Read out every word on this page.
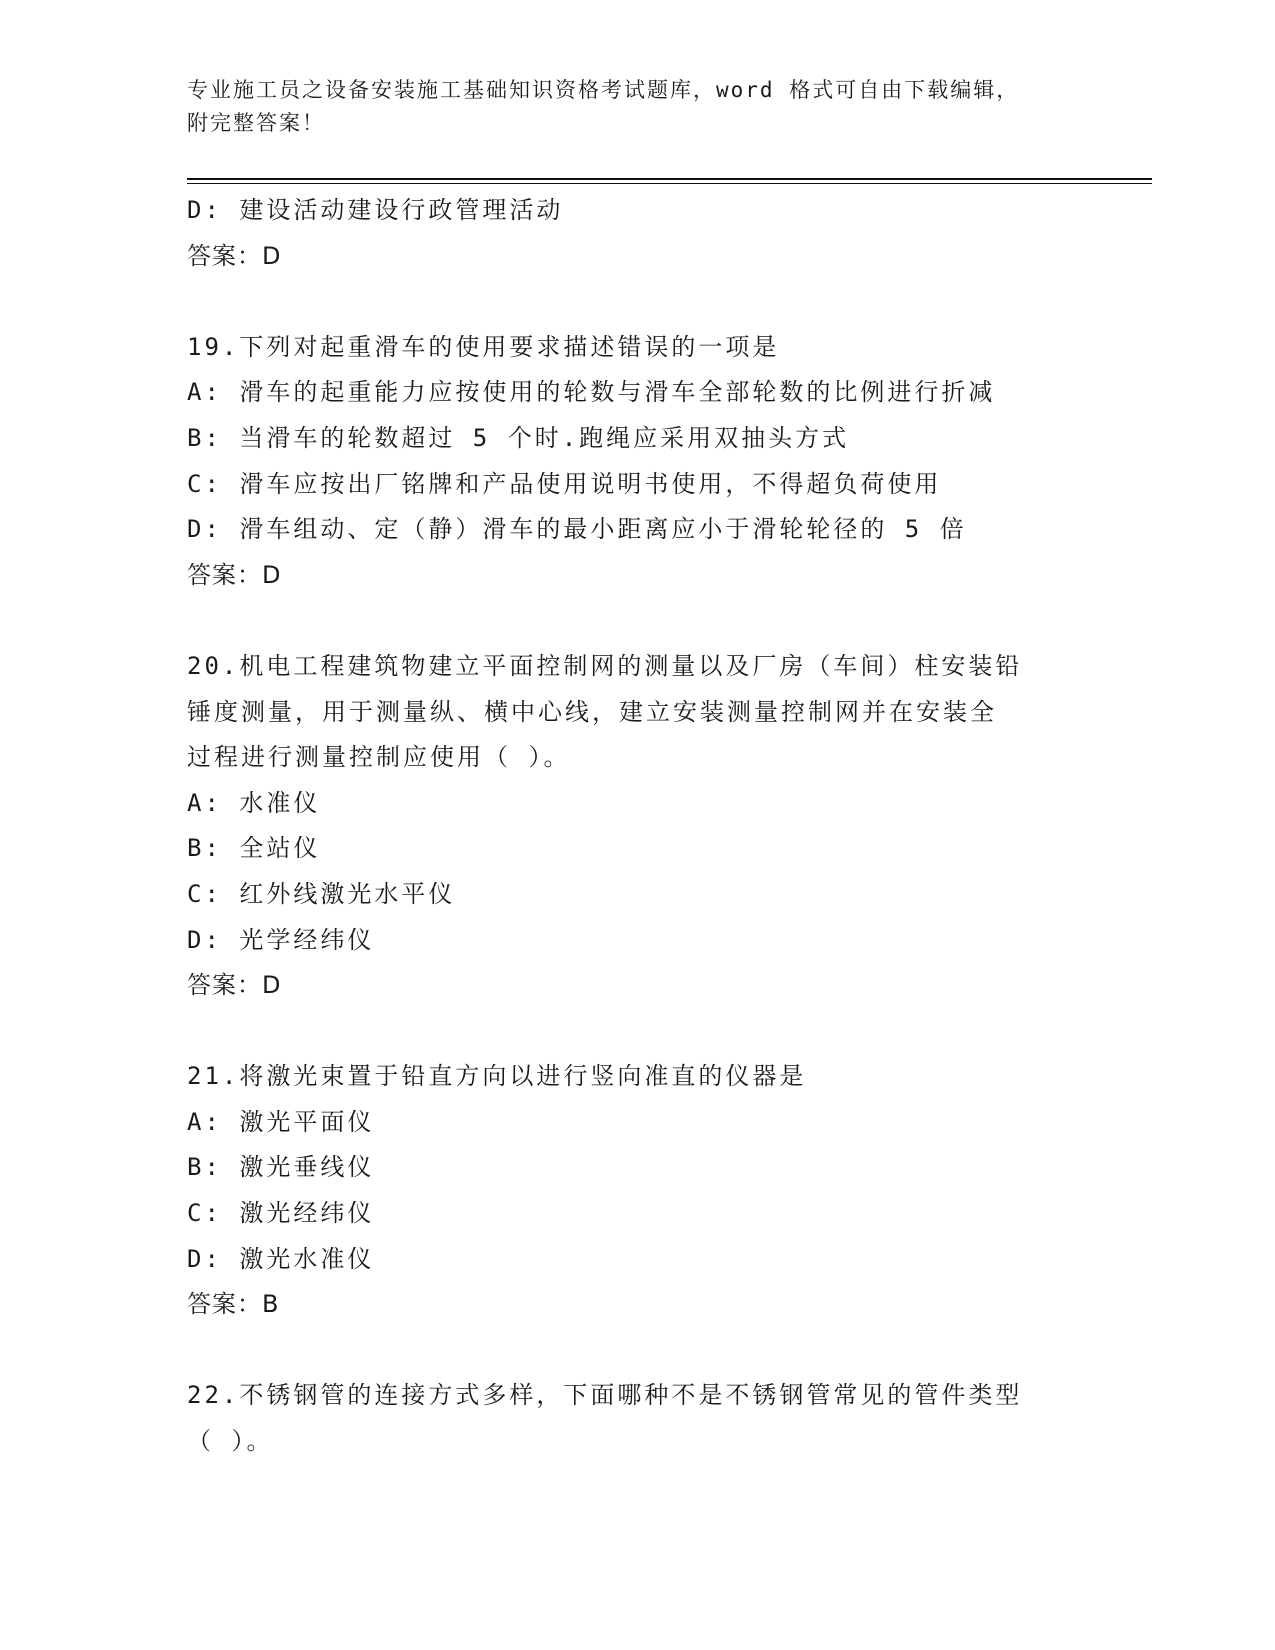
专业施工员之设备安装施工基础知识资格考试题库，word 格式可自由下载编辑，
附完整答案！
D: 建设活动建设行政管理活动
答案：D
19.下列对起重滑车的使用要求描述错误的一项是
A: 滑车的起重能力应按使用的轮数与滑车全部轮数的比例进行折减
B: 当滑车的轮数超过 5 个时.跑绳应采用双抽头方式
C: 滑车应按出厂铭牌和产品使用说明书使用，不得超负荷使用
D: 滑车组动、定（静）滑车的最小距离应小于滑轮轮径的 5 倍
答案：D
20.机电工程建筑物建立平面控制网的测量以及厂房（车间）柱安装铅
锤度测量，用于测量纵、横中心线，建立安装测量控制网并在安装全
过程进行测量控制应使用（ ）。
A: 水准仪
B: 全站仪
C: 红外线激光水平仪
D: 光学经纬仪
答案：D
21.将激光束置于铅直方向以进行竖向准直的仪器是
A: 激光平面仪
B: 激光垂线仪
C: 激光经纬仪
D: 激光水准仪
答案：B
22.不锈钢管的连接方式多样，下面哪种不是不锈钢管常见的管件类型
（ ）。
